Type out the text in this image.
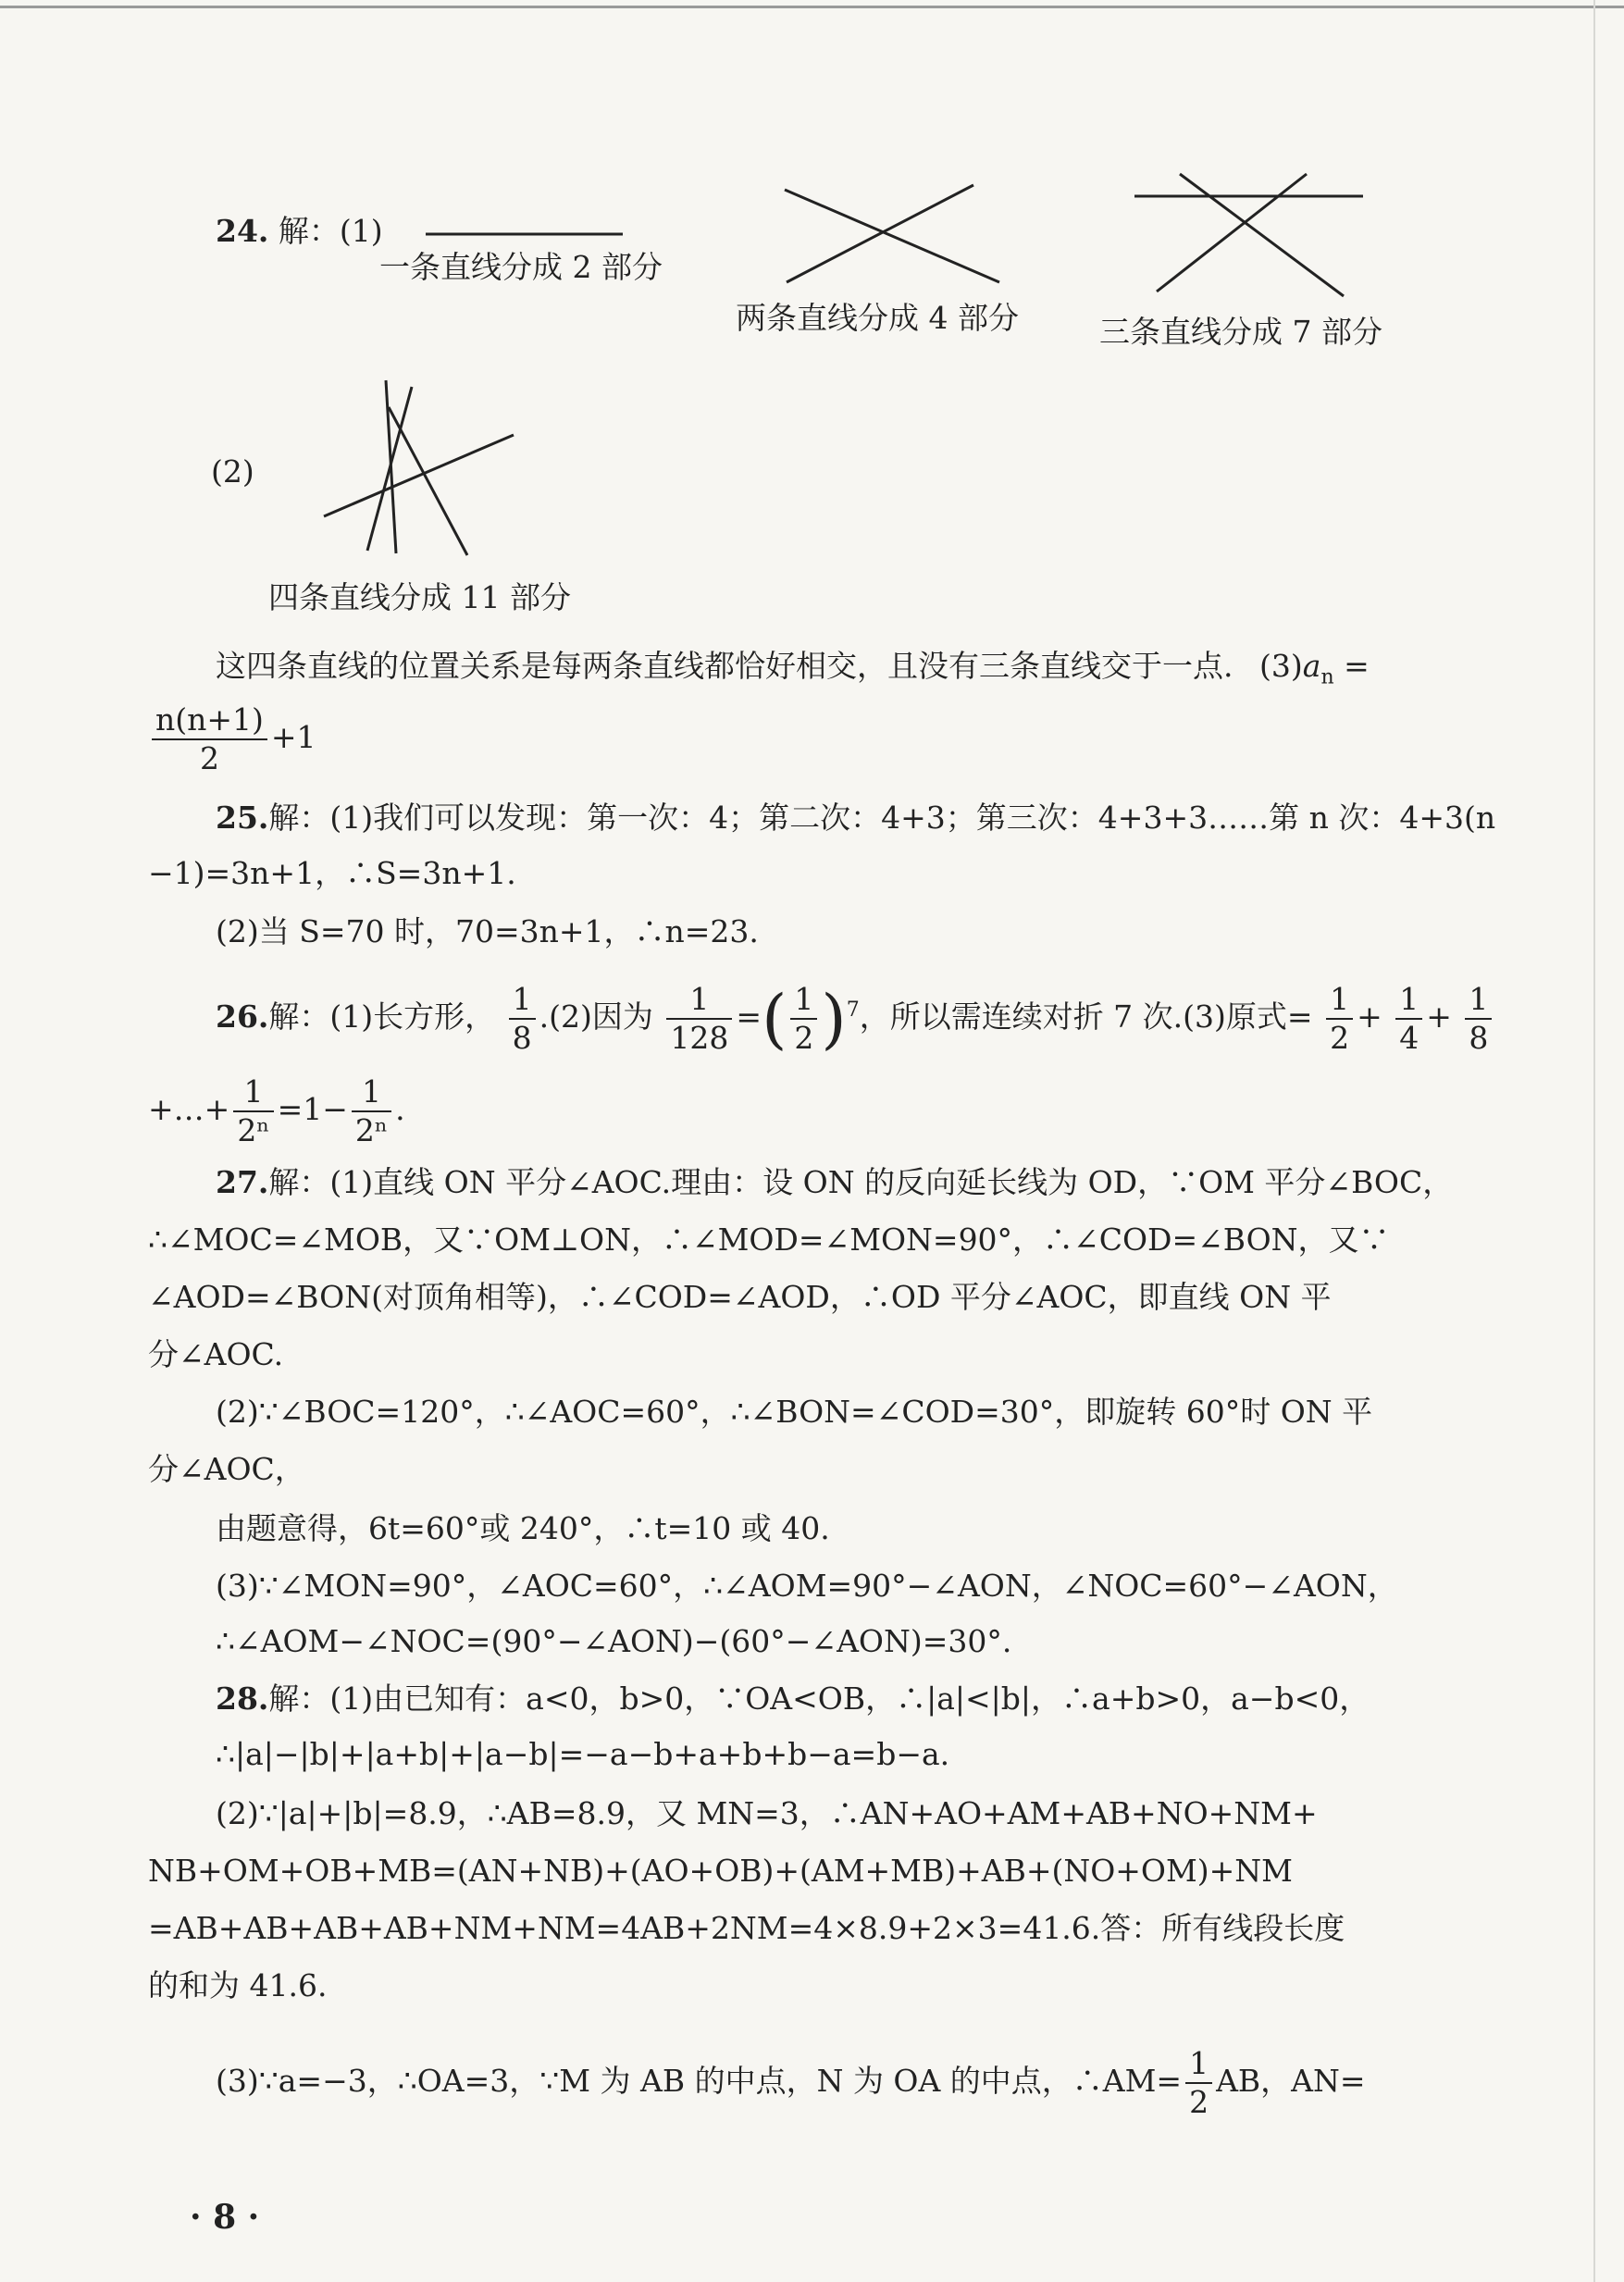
24. 解：(1)
一条直线分成 2 部分
两条直线分成 4 部分	三条直线分成 7 部分
(2)
四条直线分成 11 部分
这四条直线的位置关系是每两条直线都恰好相交，且没有三条直线交于一点. $(3)a_n$ =
$\frac{n(n+1)}{2} +1$
25.解：(1)我们可以发现：第一次：4；第二次：4+3；第三次：4+3+3……第 n 次：4+3(n
−1)=3n+1，∴S=3n+1.
(2)当 S=70 时，70=3n+1，∴n=23.
26.解：(1)长方形， $\frac{1}{8} .(2)$因为 $\frac{1}{128}$ =( $\frac{1}{2} )^7$，所以需连续对折 7 次.(3)原式= $\frac{1}{2} + \frac{1}{4} + \frac{1}{8}$
+…+ $\frac{1}{\text{2ⁿ}} =1- \frac{1}{\text{2ⁿ}}$ .
27.解：(1)直线 ON 平分∠AOC.理由：设 ON 的反向延长线为 OD，∵OM 平分∠BOC，
∴∠MOC=∠MOB，又∵OM⊥ON，∴∠MOD=∠MON=90°，∴∠COD=∠BON，又∵
∠AOD=∠BON(对顶角相等)，∴∠COD=∠AOD，∴OD 平分∠AOC，即直线 ON 平
分∠AOC.
(2)∵∠BOC=120°，∴∠AOC=60°，∴∠BON=∠COD=30°，即旋转 60°时 ON 平
分∠AOC，
由题意得，6t=60°或 240°，∴t=10 或 40.
(3)∵∠MON=90°，∠AOC=60°，∴∠AOM=90°−∠AON，∠NOC=60°−∠AON，
∴∠AOM−∠NOC=(90°−∠AON)−(60°−∠AON)=30°.
28.解：(1)由已知有：a<0，b>0，∵OA<OB，∴|a|<|b|，∴a+b>0，a−b<0，
∴|a|−|b|+|a+b|+|a−b|=−a−b+a+b+b−a=b−a.
(2)∵|a|+|b|=8.9，∴AB=8.9，又 MN=3，∴AN+AO+AM+AB+NO+NM+
NB+OM+OB+MB=(AN+NB)+(AO+OB)+(AM+MB)+AB+(NO+OM)+NM
=AB+AB+AB+AB+NM+NM=4AB+2NM=4×8.9+2×3=41.6.答：所有线段长度
的和为 41.6.
(3)∵a=−3，∴OA=3，∵M 为 AB 的中点，N 为 OA 的中点，∴AM= $\frac{1}{2}$ AB，AN=
· 8 ·
